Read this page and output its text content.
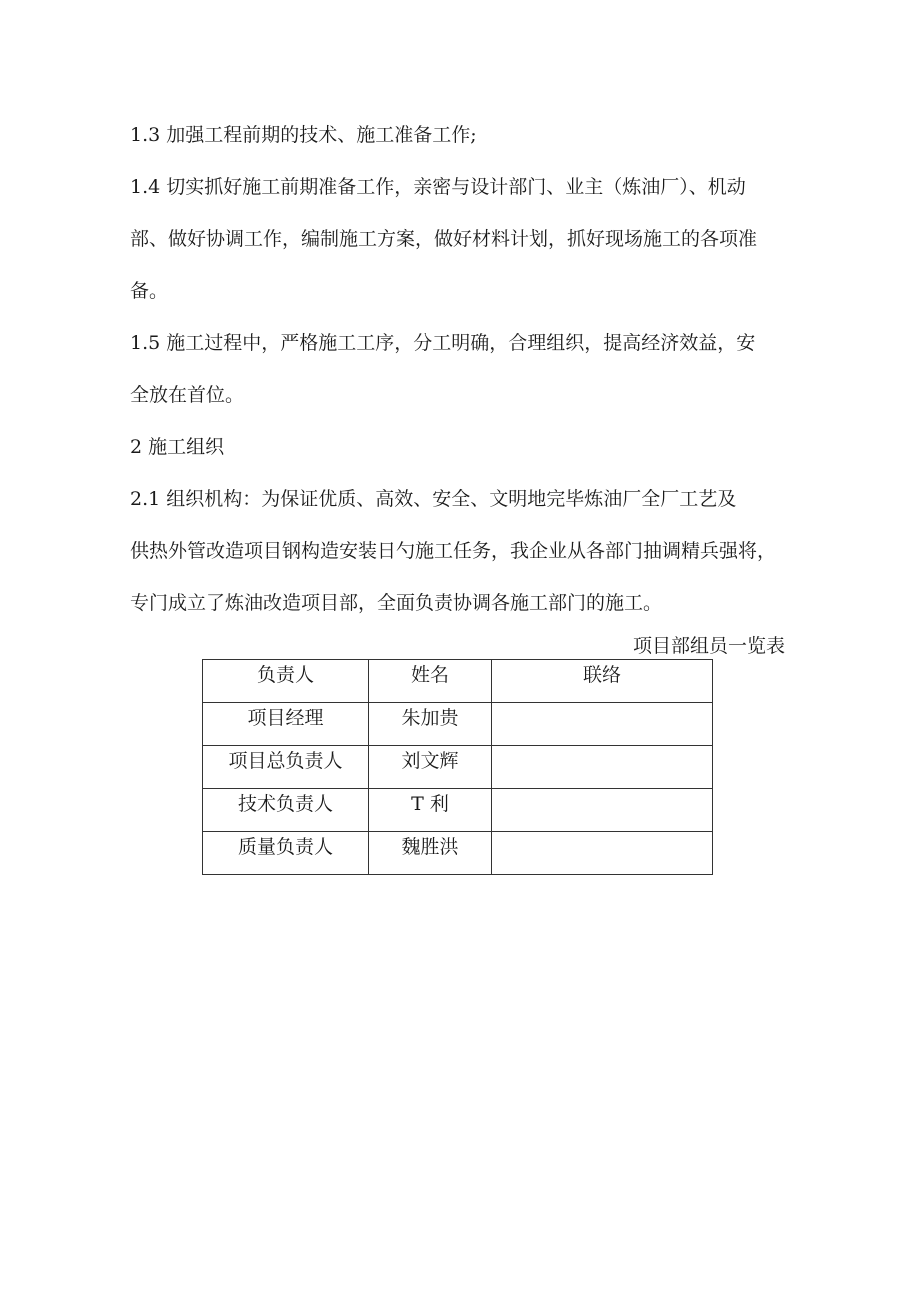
1.3 加强工程前期的技术、施工准备工作;

1.4 切实抓好施工前期准备工作，亲密与设计部门、业主（炼油厂）、机动
部、做好协调工作，编制施工方案，做好材料计划，抓好现场施工的各项准
备。

1.5 施工过程中，严格施工工序，分工明确，合理组织，提高经济效益，安
全放在首位。

2 施工组织

2.1 组织机构：为保证优质、高效、安全、文明地完毕炼油厂全厂工艺及
供热外管改造项目钢构造安装日勺施工任务，我企业从各部门抽调精兵强将，
专门成立了炼油改造项目部，全面负责协调各施工部门的施工。

项目部组员一览表
负责人	姓名	联络
项目经理	朱加贵	
项目总负责人	刘文辉	
技术负责人	T 利	
质量负责人	魏胜洪	
